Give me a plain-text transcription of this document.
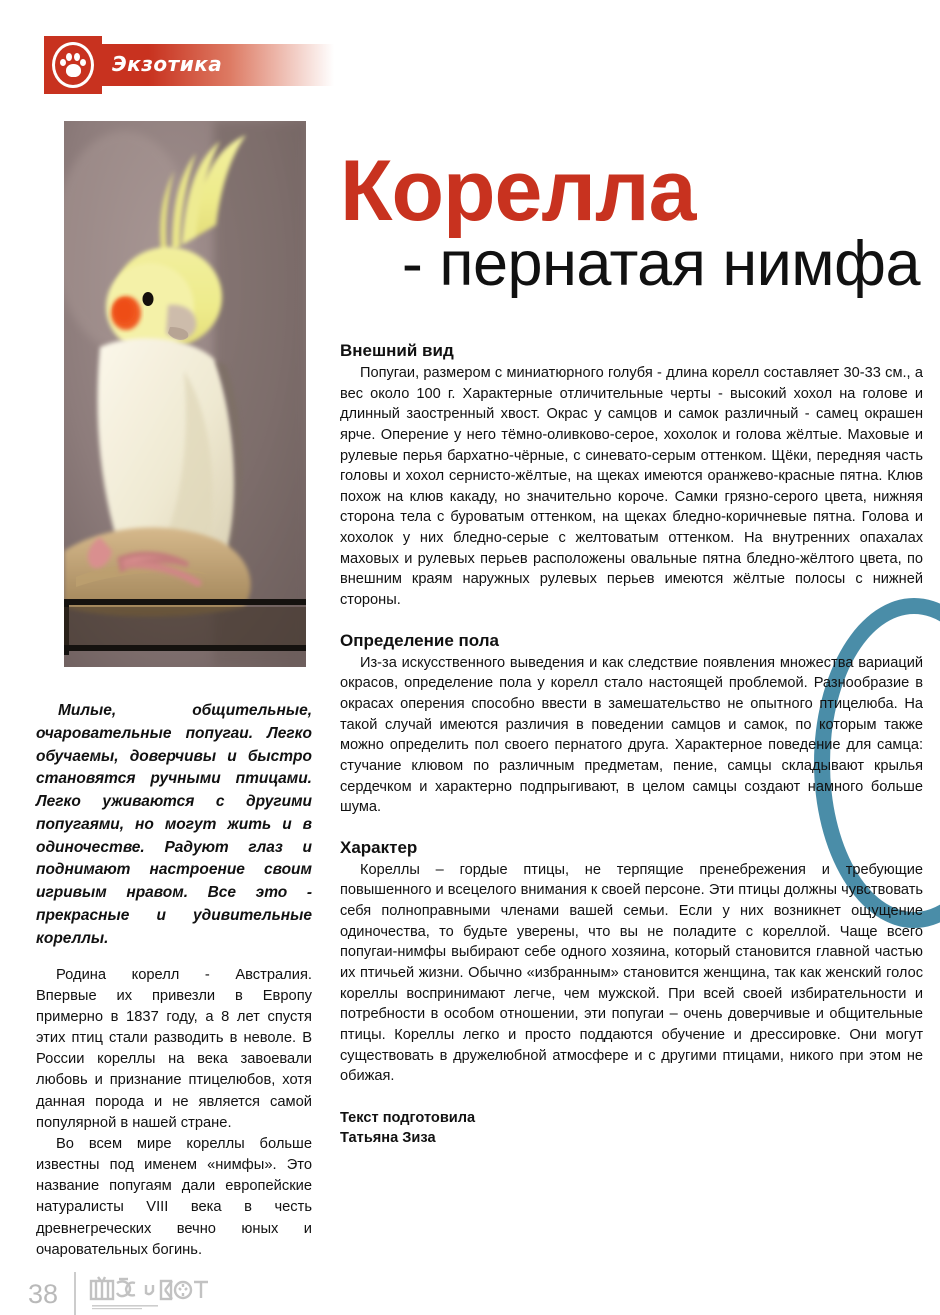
Экзотика
Корелла
- пернатая нимфа

Милые, общительные, очаровательные попугаи. Легко обучаемы, доверчивы и быстро становятся ручными птицами. Легко уживаются с другими попугаями, но могут жить и в одиночестве. Радуют глаз и поднимают настроение своим игривым нравом. Все это - прекрасные и удивительные кореллы.

Родина корелл - Австралия. Впервые их привезли в Европу примерно в 1837 году, а 8 лет спустя этих птиц стали разводить в неволе. В России кореллы на века завоевали любовь и признание птицелюбов, хотя данная порода и не является самой популярной в нашей стране.

Во всем мире кореллы больше известны под именем «нимфы». Это название попугаям дали европейские натуралисты VIII века в честь древнегреческих вечно юных и очаровательных богинь.

Внешний вид

Попугаи, размером с миниатюрного голубя - длина корелл составляет 30-33 см., а вес около 100 г. Характерные отличительные черты - высокий хохол на голове и длинный заостренный хвост. Окрас у самцов и самок различный - самец окрашен ярче. Оперение у него тёмно-оливково-серое, хохолок и голова жёлтые. Маховые и рулевые перья бархатно-чёрные, с синевато-серым оттенком. Щёки, передняя часть головы и хохол сернисто-жёлтые, на щеках имеются оранжево-красные пятна. Клюв похож на клюв какаду, но значительно короче. Самки грязно-серого цвета, нижняя сторона тела с буроватым оттенком, на щеках бледно-коричневые пятна. Голова и хохолок у них бледно-серые с желтоватым оттенком. На внутренних опахалах маховых и рулевых перьев расположены овальные пятна бледно-жёлтого цвета, по внешним краям наружных рулевых перьев имеются жёлтые полосы с нижней стороны.

Определение пола

Из-за искусственного выведения и как следствие появления множества вариаций окрасов, определение пола у корелл стало настоящей проблемой. Разнообразие в окрасах оперения способно ввести в замешательство не опытного птицелюба. На такой случай имеются различия в поведении самцов и самок, по которым также можно определить пол своего пернатого друга. Характерное поведение для самца: стучание клювом по различным предметам, пение, самцы складывают крылья сердечком и характерно подпрыгивают, в целом самцы создают намного больше шума.

Характер

Кореллы – гордые птицы, не терпящие пренебрежения и требующие повышенного и всецелого внимания к своей персоне. Эти птицы должны чувствовать себя полноправными членами вашей семьи. Если у них возникнет ощущение одиночества, то будьте уверены, что вы не поладите с кореллой. Чаще всего попугаи-нимфы выбирают себе одного хозяина, который становится главной частью их птичьей жизни. Обычно «избранным» становится женщина, так как женский голос кореллы воспринимают легче, чем мужской. При всей своей избирательности и потребности в особом отношении, эти попугаи – очень доверчивые и общительные птицы. Кореллы легко и просто поддаются обучение и дрессировке. Они могут существовать в дружелюбной атмосфере и с другими птицами, никого при этом не обижая.

Текст подготовила
Татьяна Зиза
38
